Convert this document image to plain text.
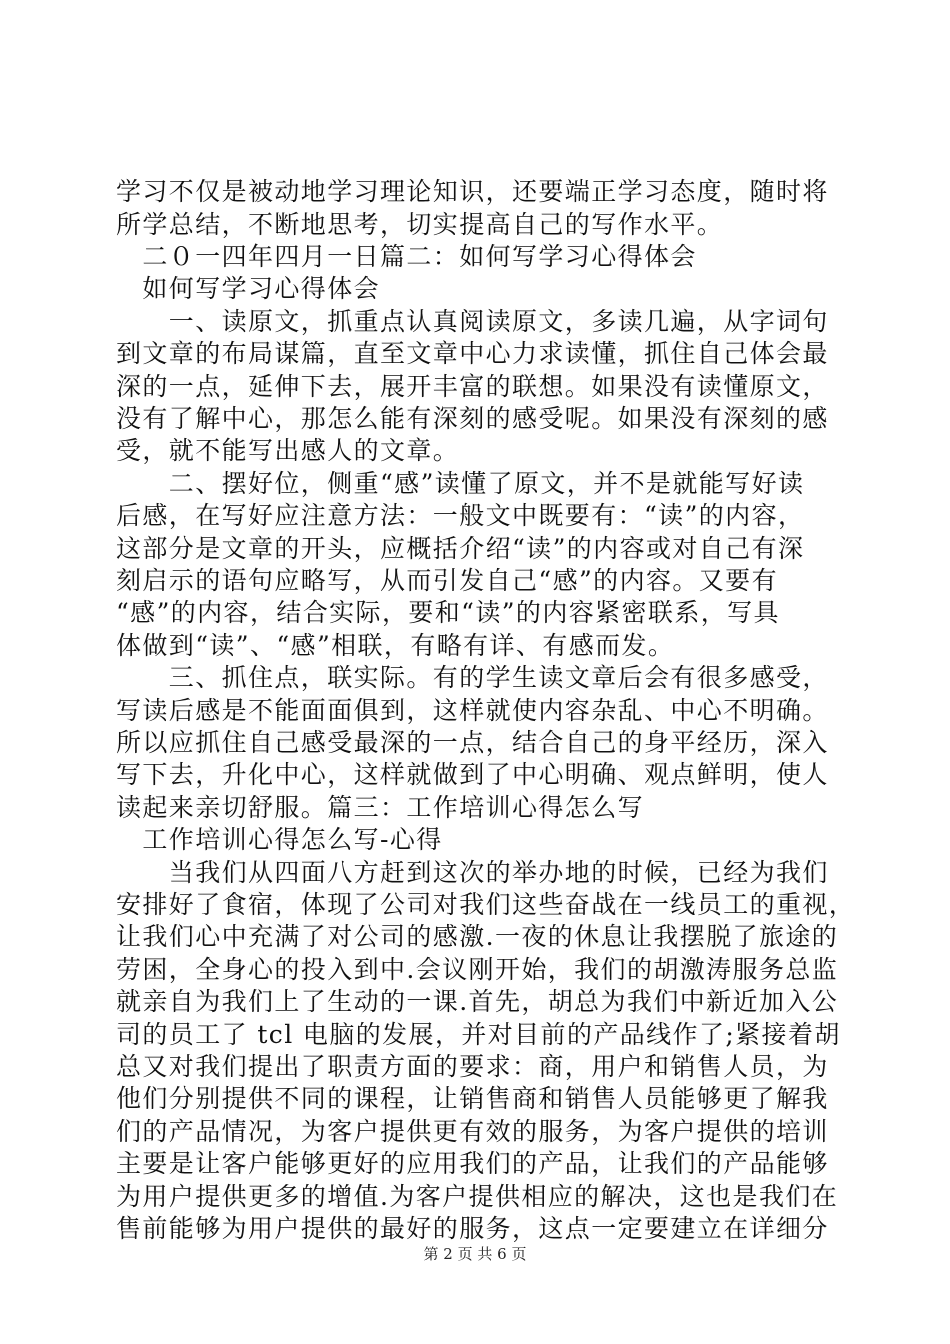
学习不仅是被动地学习理论知识，还要端正学习态度，随时将
所学总结，不断地思考，切实提高自己的写作水平。
　二０一四年四月一日篇二：如何写学习心得体会
　如何写学习心得体会
　　一、读原文，抓重点认真阅读原文，多读几遍，从字词句
到文章的布局谋篇，直至文章中心力求读懂，抓住自己体会最
深的一点，延伸下去，展开丰富的联想。如果没有读懂原文，
没有了解中心，那怎么能有深刻的感受呢。如果没有深刻的感
受，就不能写出感人的文章。
　　二、摆好位，侧重“感”读懂了原文，并不是就能写好读
后感，在写好应注意方法：一般文中既要有：“读”的内容，
这部分是文章的开头，应概括介绍“读”的内容或对自己有深
刻启示的语句应略写，从而引发自己“感”的内容。又要有
“感”的内容，结合实际，要和“读”的内容紧密联系，写具
体做到“读”、“感”相联，有略有详、有感而发。
　　三、抓住点，联实际。有的学生读文章后会有很多感受，
写读后感是不能面面俱到，这样就使内容杂乱、中心不明确。
所以应抓住自己感受最深的一点，结合自己的身平经历，深入
写下去，升化中心，这样就做到了中心明确、观点鲜明，使人
读起来亲切舒服。篇三：工作培训心得怎么写
　工作培训心得怎么写-心得
　　当我们从四面八方赶到这次的举办地的时候，已经为我们
安排好了食宿，体现了公司对我们这些奋战在一线员工的重视，
让我们心中充满了对公司的感激.一夜的休息让我摆脱了旅途的
劳困，全身心的投入到中.会议刚开始，我们的胡激涛服务总监
就亲自为我们上了生动的一课.首先，胡总为我们中新近加入公
司的员工了 tcl 电脑的发展，并对目前的产品线作了;紧接着胡
总又对我们提出了职责方面的要求：商，用户和销售人员，为
他们分别提供不同的课程，让销售商和销售人员能够更了解我
们的产品情况，为客户提供更有效的服务，为客户提供的培训
主要是让客户能够更好的应用我们的产品，让我们的产品能够
为用户提供更多的增值.为客户提供相应的解决，这也是我们在
售前能够为用户提供的最好的服务，这点一定要建立在详细分
第 2 页 共 6 页
